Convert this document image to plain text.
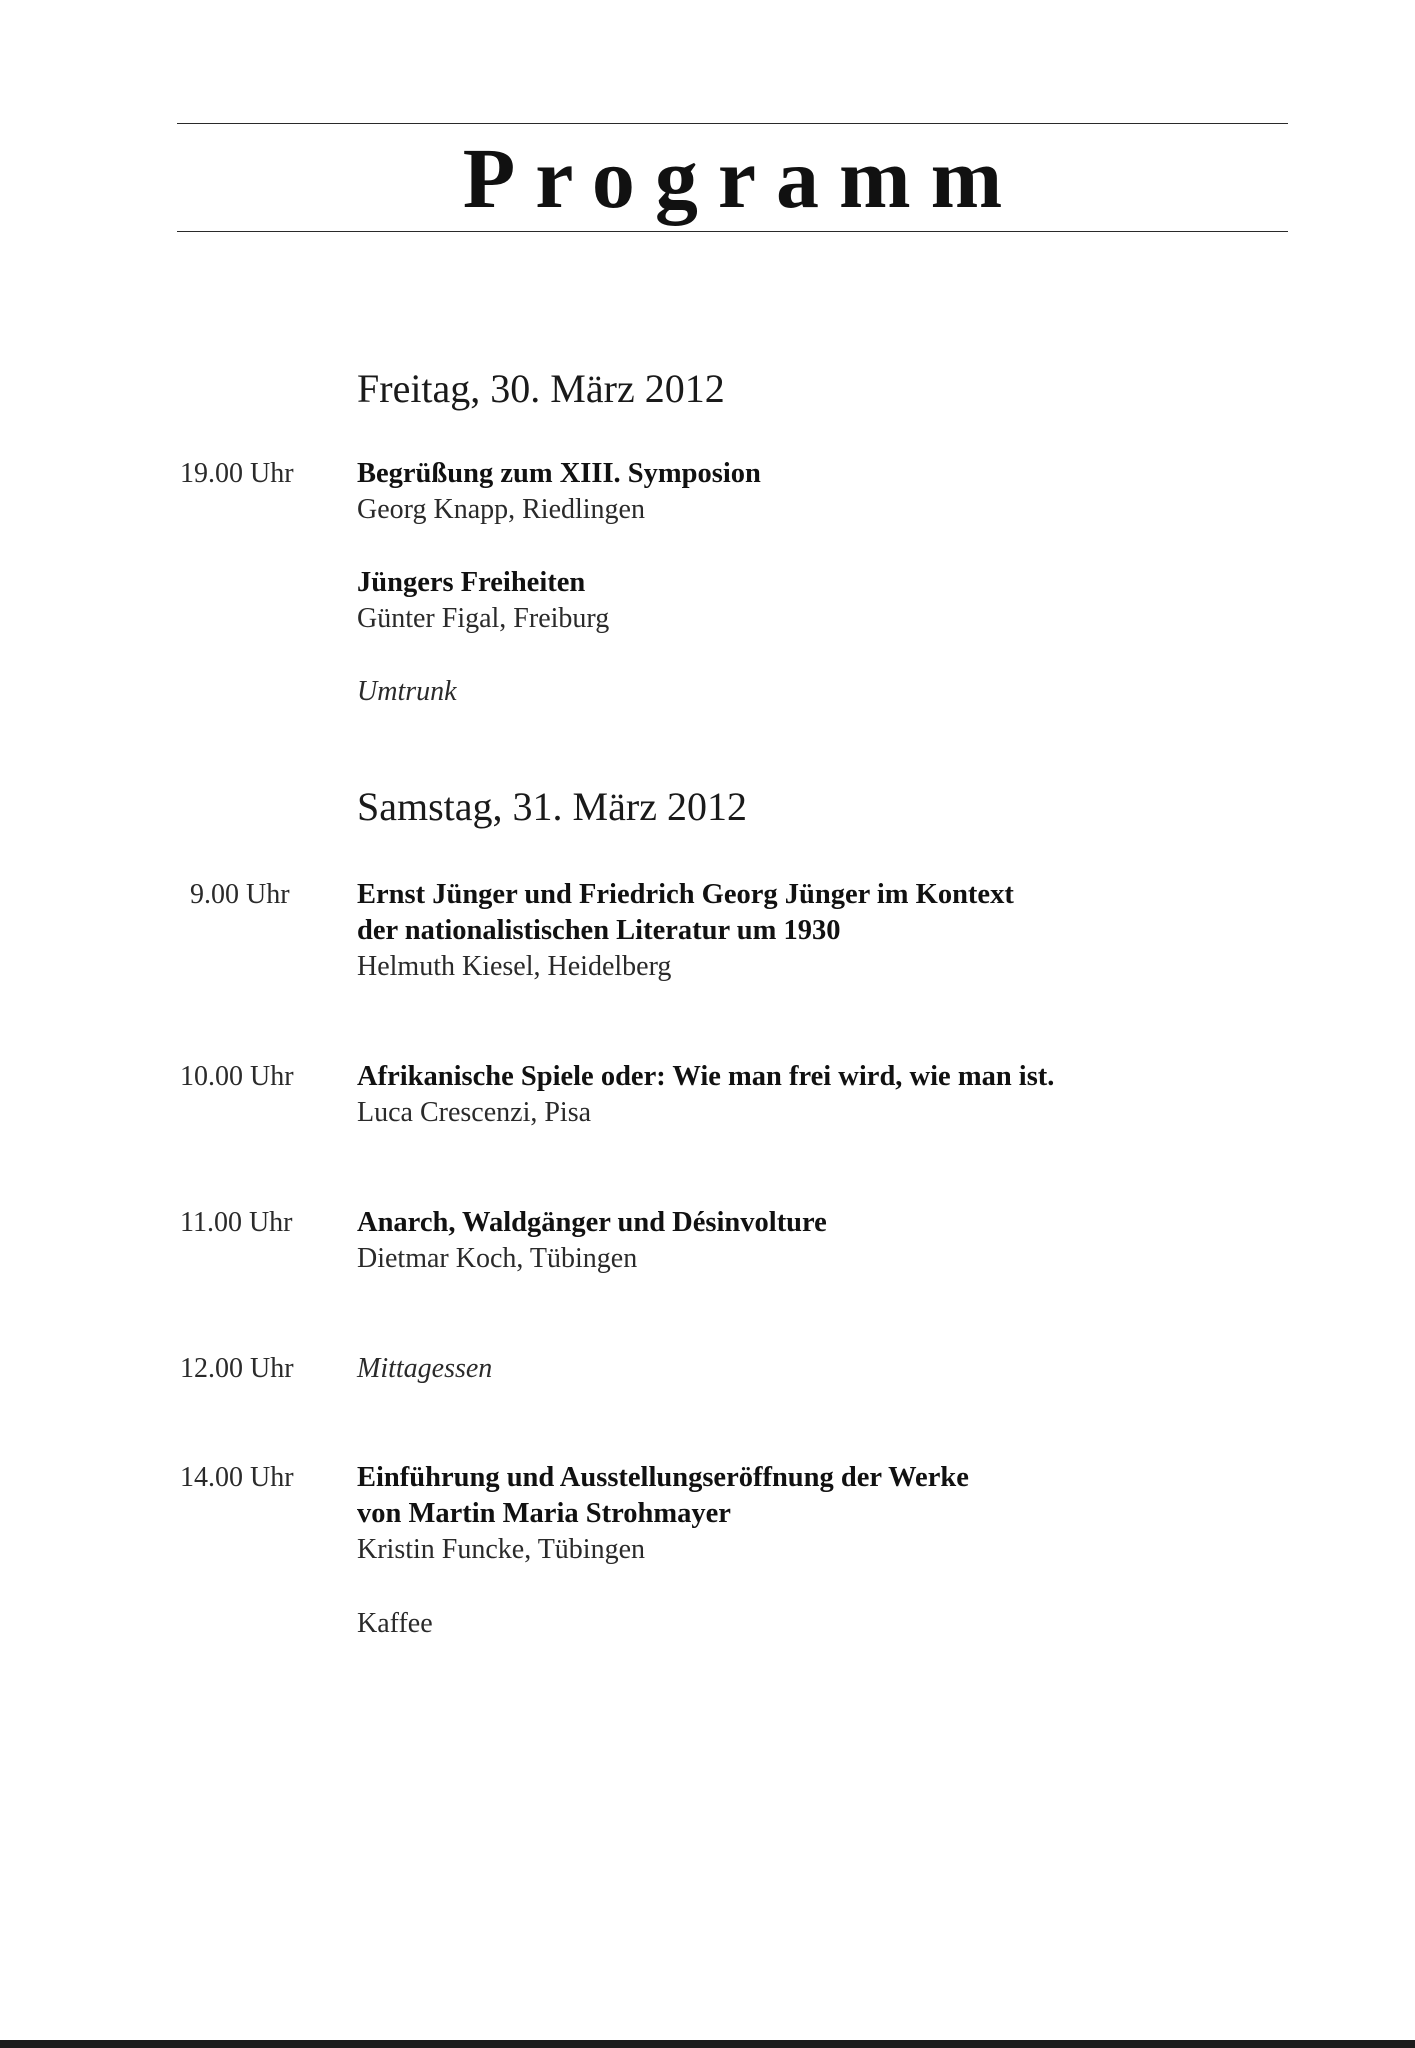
Programm
Freitag, 30. März 2012
19.00 Uhr	Begrüßung zum XIII. Symposion
Georg Knapp, Riedlingen
Jüngers Freiheiten
Günter Figal, Freiburg
Umtrunk
Samstag, 31. März 2012
9.00 Uhr	Ernst Jünger und Friedrich Georg Jünger im Kontext
der nationalistischen Literatur um 1930
Helmuth Kiesel, Heidelberg
10.00 Uhr	Afrikanische Spiele oder: Wie man frei wird, wie man ist.
Luca Crescenzi, Pisa
11.00 Uhr	Anarch, Waldgänger und Désinvolture
Dietmar Koch, Tübingen
12.00 Uhr	Mittagessen
14.00 Uhr	Einführung und Ausstellungseröffnung der Werke
von Martin Maria Strohmayer
Kristin Funcke, Tübingen
Kaffee
